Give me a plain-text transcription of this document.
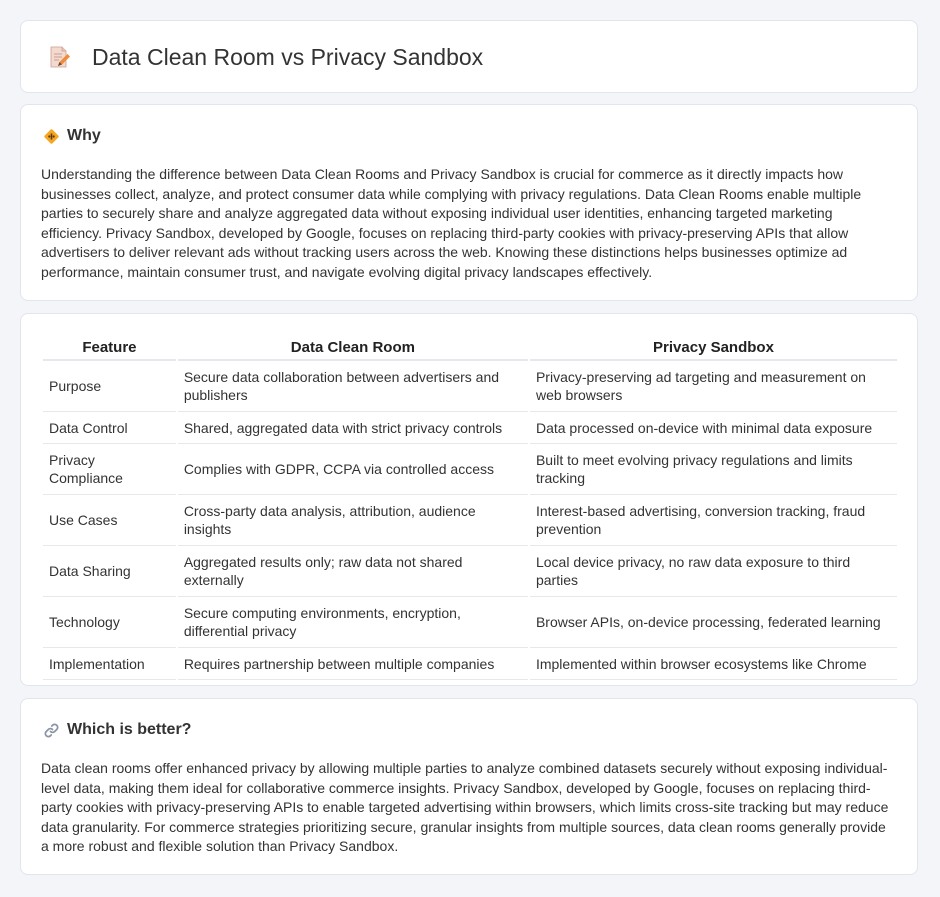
Data Clean Room vs Privacy Sandbox
Why

Understanding the difference between Data Clean Rooms and Privacy Sandbox is crucial for commerce as it directly impacts how businesses collect, analyze, and protect consumer data while complying with privacy regulations. Data Clean Rooms enable multiple parties to securely share and analyze aggregated data without exposing individual user identities, enhancing targeted marketing efficiency. Privacy Sandbox, developed by Google, focuses on replacing third-party cookies with privacy-preserving APIs that allow advertisers to deliver relevant ads without tracking users across the web. Knowing these distinctions helps businesses optimize ad performance, maintain consumer trust, and navigate evolving digital privacy landscapes effectively.

Feature	Data Clean Room	Privacy Sandbox
Purpose	Secure data collaboration between advertisers and publishers	Privacy-preserving ad targeting and measurement on web browsers
Data Control	Shared, aggregated data with strict privacy controls	Data processed on-device with minimal data exposure
Privacy Compliance	Complies with GDPR, CCPA via controlled access	Built to meet evolving privacy regulations and limits tracking
Use Cases	Cross-party data analysis, attribution, audience insights	Interest-based advertising, conversion tracking, fraud prevention
Data Sharing	Aggregated results only; raw data not shared externally	Local device privacy, no raw data exposure to third parties
Technology	Secure computing environments, encryption, differential privacy	Browser APIs, on-device processing, federated learning
Implementation	Requires partnership between multiple companies	Implemented within browser ecosystems like Chrome
Which is better?

Data clean rooms offer enhanced privacy by allowing multiple parties to analyze combined datasets securely without exposing individual-level data, making them ideal for collaborative commerce insights. Privacy Sandbox, developed by Google, focuses on replacing third-party cookies with privacy-preserving APIs to enable targeted advertising within browsers, which limits cross-site tracking but may reduce data granularity. For commerce strategies prioritizing secure, granular insights from multiple sources, data clean rooms generally provide a more robust and flexible solution than Privacy Sandbox.
